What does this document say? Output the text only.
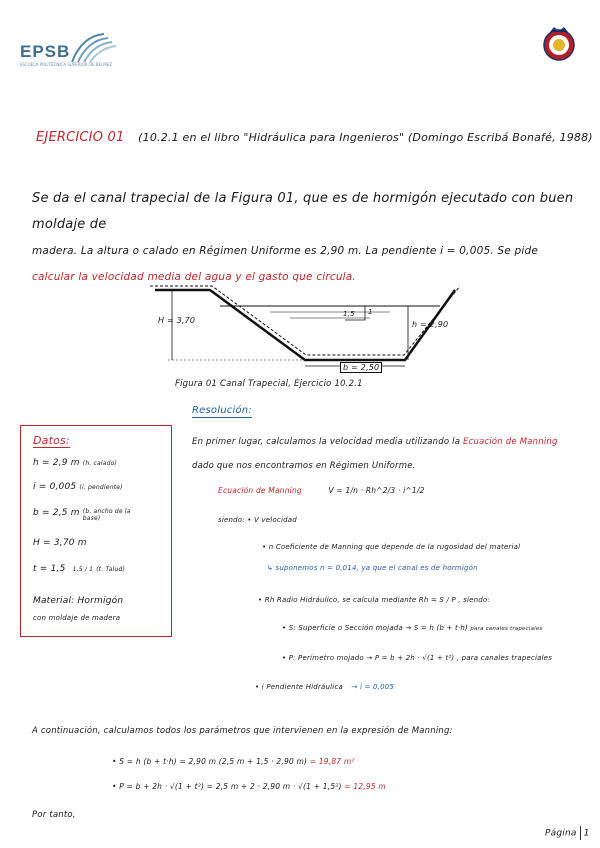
EPSB
ESCUELA POLITÉCNICA SUPERIOR DE BELMEZ
EJERCICIO 01 (10.2.1 en el libro "Hidráulica para Ingenieros" (Domingo Escribá Bonafé, 1988)
Se da el canal trapecial de la Figura 01, que es de hormigón ejecutado con buen moldaje de
madera. La altura o calado en Régimen Uniforme es 2,90 m. La pendiente i = 0,005. Se pide
calcular la velocidad media del agua y el gasto que circula.
H = 3,70	h = 2,90
b = 2,50
1,5 1
Figura 01 Canal Trapecial, Ejercicio 10.2.1
Resolución:
Datos:
h = 2,9 m (h. calado)
i = 0,005 (i. pendiente)
b = 2,5 m (b. ancho de la base)
H = 3,70 m
t = 1,5 1,5 / 1 (t. Talud)
Material: Hormigón
con moldaje de madera
En primer lugar, calculamos la velocidad media utilizando la Ecuación de Manning
dado que nos encontramos en Régimen Uniforme.
Ecuación de Manning	V = 1/n · Rh^2/3 · i^1/2
siendo: • V velocidad
• n Coeficiente de Manning que depende de la rugosidad del material
↳ suponemos n = 0,014, ya que el canal es de hormigón
• Rh Radio Hidráulico, se calcula mediante Rh = S / P , siendo:
• S: Superficie o Sección mojada → S = h (b + t·h) para canales trapeciales
• P: Perímetro mojado → P = b + 2h · √(1 + t²) , para canales trapeciales
• i Pendiente Hidráulica → i = 0,005
A continuación, calculamos todos los parámetros que intervienen en la expresión de Manning:
• S = h (b + t·h) = 2,90 m (2,5 m + 1,5 · 2,90 m) = 19,87 m²
• P = b + 2h · √(1 + t²) = 2,5 m + 2 · 2,90 m · √(1 + 1,5²) = 12,95 m
Por tanto,
Página 1
